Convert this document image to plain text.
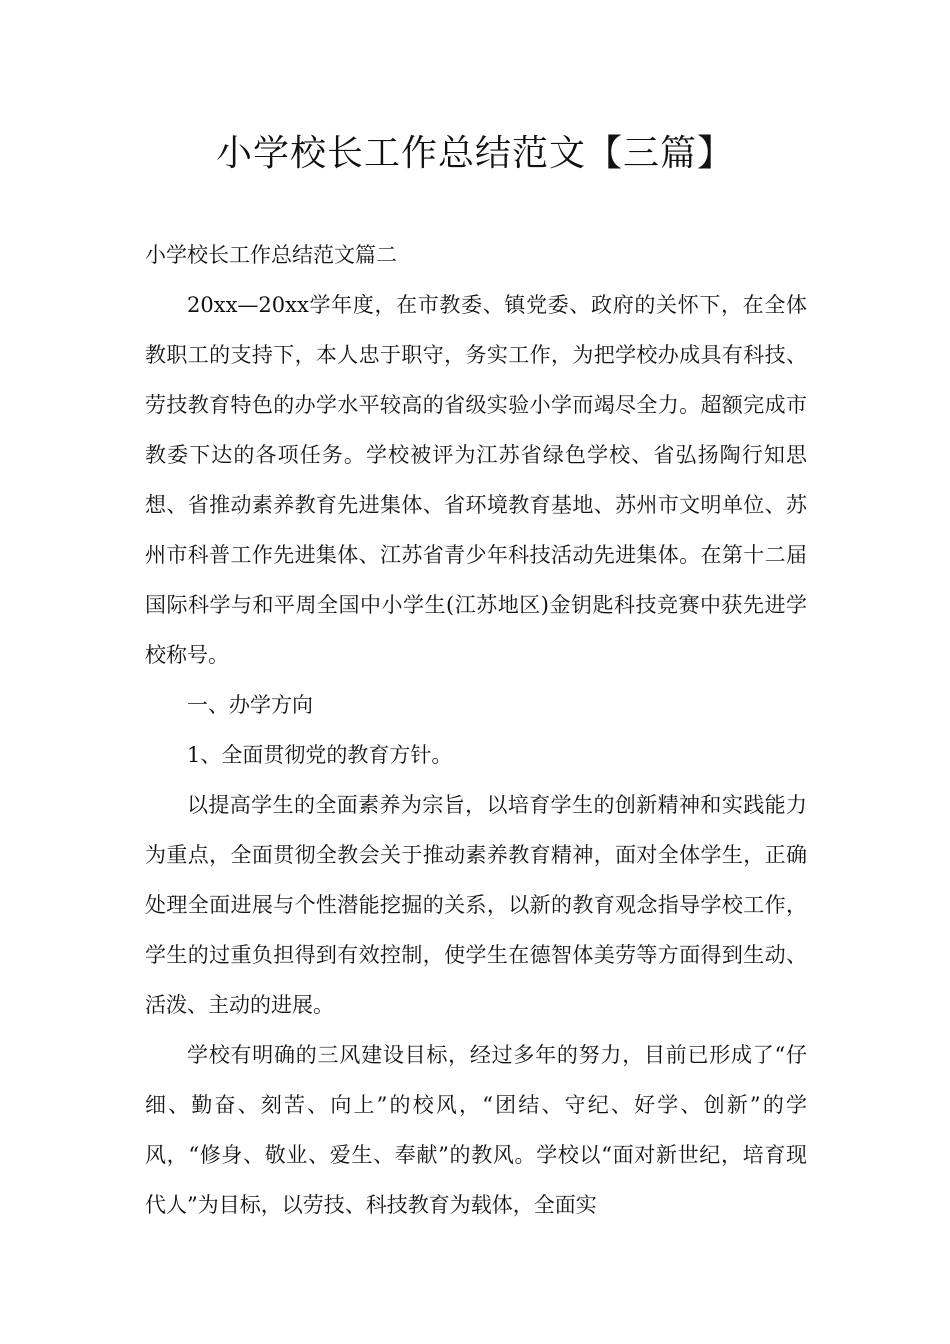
小学校长工作总结范文【三篇】

小学校长工作总结范文篇二

20xx—20xx学年度，在市教委、镇党委、政府的关怀下，在全体教职工的支持下，本人忠于职守，务实工作，为把学校办成具有科技、劳技教育特色的办学水平较高的省级实验小学而竭尽全力。超额完成市教委下达的各项任务。学校被评为江苏省绿色学校、省弘扬陶行知思想、省推动素养教育先进集体、省环境教育基地、苏州市文明单位、苏州市科普工作先进集体、江苏省青少年科技活动先进集体。在第十二届国际科学与和平周全国中小学生(江苏地区)金钥匙科技竞赛中获先进学校称号。

一、办学方向

1、全面贯彻党的教育方针。

以提高学生的全面素养为宗旨，以培育学生的创新精神和实践能力为重点，全面贯彻全教会关于推动素养教育精神，面对全体学生，正确处理全面进展与个性潜能挖掘的关系，以新的教育观念指导学校工作，学生的过重负担得到有效控制，使学生在德智体美劳等方面得到生动、活泼、主动的进展。

学校有明确的三风建设目标，经过多年的努力，目前已形成了“仔细、勤奋、刻苦、向上”的校风，“团结、守纪、好学、创新”的学风，“修身、敬业、爱生、奉献”的教风。学校以“面对新世纪，培育现代人”为目标，以劳技、科技教育为载体，全面实
